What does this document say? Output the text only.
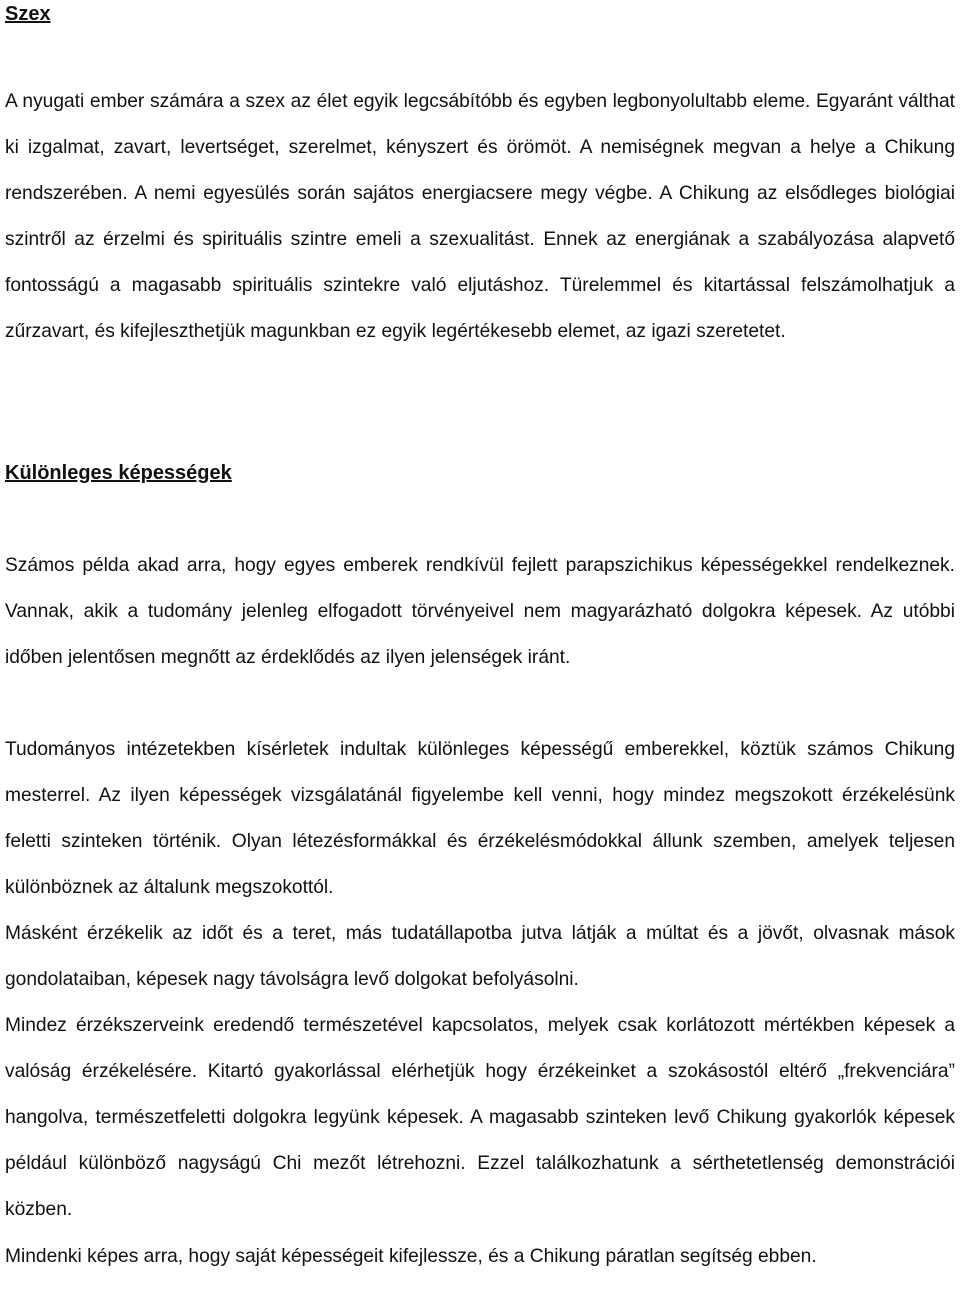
Szex

A nyugati ember számára a szex az élet egyik legcsábítóbb és egyben legbonyolultabb eleme. Egyaránt válthat ki izgalmat, zavart, levertséget, szerelmet, kényszert és örömöt. A nemiségnek megvan a helye a Chikung rendszerében. A nemi egyesülés során sajátos energiacsere megy végbe. A Chikung az elsődleges biológiai szintről az érzelmi és spirituális szintre emeli a szexualitást. Ennek az energiának a szabályozása alapvető fontosságú a magasabb spirituális szintekre való eljutáshoz. Türelemmel és kitartással felszámolhatjuk a zűrzavart, és kifejleszthetjük magunkban ez egyik legértékesebb elemet, az igazi szeretetet.

Különleges képességek

Számos példa akad arra, hogy egyes emberek rendkívül fejlett parapszichikus képességekkel rendelkeznek. Vannak, akik a tudomány jelenleg elfogadott törvényeivel nem magyarázható dolgokra képesek. Az utóbbi időben jelentősen megnőtt az érdeklődés az ilyen jelenségek iránt.

Tudományos intézetekben kísérletek indultak különleges képességű emberekkel, köztük számos Chikung mesterrel. Az ilyen képességek vizsgálatánál figyelembe kell venni, hogy mindez megszokott érzékelésünk feletti szinteken történik. Olyan létezésformákkal és érzékelésmódokkal állunk szemben, amelyek teljesen különböznek az általunk megszokottól.

Másként érzékelik az időt és a teret, más tudatállapotba jutva látják a múltat és a jövőt, olvasnak mások gondolataiban, képesek nagy távolságra levő dolgokat befolyásolni.

Mindez érzékszerveink eredendő természetével kapcsolatos, melyek csak korlátozott mértékben képesek a valóság érzékelésére. Kitartó gyakorlással elérhetjük hogy érzékeinket a szokásostól eltérő „frekvenciára” hangolva, természetfeletti dolgokra legyünk képesek. A magasabb szinteken levő Chikung gyakorlók képesek például különböző nagyságú Chi mezőt létrehozni. Ezzel találkozhatunk a sérthetetlenség demonstrációi közben.

Mindenki képes arra, hogy saját képességeit kifejlessze, és a Chikung páratlan segítség ebben.
